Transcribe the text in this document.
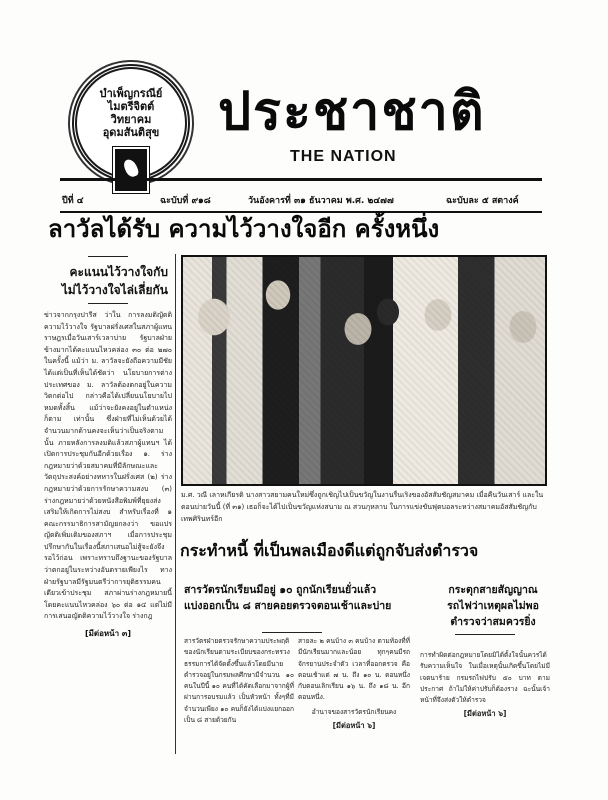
บำเพ็ญกรณีย์
ไมตรีจิตต์
วิทยาคม
อุดมสันติสุข	ประชาชาติ
THE NATION
ปีที่ ๔	ฉะบับที่ ๙๑๘	วันอังคารที่ ๓๑ ธันวาคม พ.ศ. ๒๔๗๗	ฉะบับละ ๕ สตางค์
ลาวัลได้รับ ความไว้วางใจอีก ครั้งหนึ่ง
คะแนนไว้วางใจกับ
ไม่ไว้วางใจไล่เลี่ยกัน
ข่าวจากกรุงปารีส ว่าใน การลงมติญัตติความไว้วางใจ รัฐบาลฝรั่งเศสในสภาผู้แทนราษฎรเมื่อวันเสาร์เวลาบ่าย รัฐบาลฝ่ายข้างมากได้คะแนนไหวคล่อง ๓๐ ต่อ ๒๗๐ ในครั้งนี้ แม้ว่า ม. ลาวัลจะยังถือความมีชัยได้แต่เป็นที่เห็นได้ชัดว่า นโยบายการต่างประเทศของ ม. ลาวัลต้องตกอยู่ในความวิตกต่อไป กล่าวคือได้เปลี่ยนนโยบายไปหมดทั้งสิ้น แม้ว่าจะยังคงอยู่ในตำแหน่งก็ตาม เท่านั้น ซึ่งฝ่ายที่ไม่เห็นด้วยได้จำนวนมากด้านคงจะเห็นว่าเป็นจริงตามนั้น ภายหลังการลงมติแล้วสภาผู้แทนฯ ได้เปิดการประชุมกันอีกด้วยเรื่อง ๑. ร่างกฎหมายว่าด้วยสมาคมที่มีลักษณะและวัตถุประสงค์อย่างทหารในฝรั่งเศส (๒) ร่างกฎหมายว่าด้วยการรักษาความสงบ (๓) ร่างกฎหมายว่าด้วยหนังสือพิมพ์ที่ยุยงส่งเสริมให้เกิดการไม่สงบ สำหรับเรื่องที่ ๑ คณะกรรมาธิการสามัญยกลงว่า ขอแปรญัตติเพิ่มเติมของสภาฯ เมื่อการประชุมปรึกษากันในเรื่องนี้สภาเสนอไม่สู้จะยังจึงรอไว้ก่อน เพราะทราบถึงฐานะของรัฐบาลว่าตกอยู่ในระหว่างอันตรายเพียงไร ทางฝ่ายรัฐบาลมีรัฐมนตรีว่าการยุติธรรมคนเดียวเข้าประชุม สภาผ่านร่างกฎหมายนี้โดยคะแนนไหวคล่อง ๖๐ ต่อ ๑๔ แต่ไม่มีการเสนอญัตติความไว้วางใจ ร่างกฎ
[มีต่อหน้า ๓]
ม.ศ. วณี เลาหเกียรติ นางสาวสยามคนใหม่ซึ่งถูกเชิญไปเป็นขวัญในงานรื่นเริงของอัสสัมชัญสมาคม เมื่อคืนวันเสาร์ และในตอนบ่ายวันนี้ (ที่ ๓๑) เธอก็จะได้ไปเป็นขวัญแห่งสนาม ณ สวนกุหลาบ ในการแข่งขันฟุตบอลระหว่างสมาคมอัสสัมชัญกับเทพศิรินทร์อีก
กระทำหนี้ ที่เป็นพลเมืองดีแต่ถูกจับส่งตำรวจ
สารวัตรนักเรียนมีอยู่ ๑๐ ถูกนักเรียนยั่วแล้ว
แบ่งออกเป็น ๘ สายคอยตรวจตอนเช้าและบ่าย
กระตุกสายสัญญาณ
รถไฟว่าเหตุผลไม่พอ
ตำรวจว่าสมควรยิ่ง
สารวัตรฝ่ายตรวจรักษาความประพฤติของนักเรียนตามระเบียบของกระทรวงธรรมการได้จัดตั้งขึ้นแล้วโดยมีนายตำรวจอยู่ในกรมพลศึกษามีจำนวน ๑๐ คนในปีนี้ ๑๐ คนที่ได้คัดเลือกมาจากผู้ที่ผ่านการอบรมแล้ว เป็นหัวหน้า ทั้งๆที่มีจำนวนเพียง ๑๐ คนก็ยังได้แบ่งแยกออกเป็น ๘ สายด้วยกัน
สายละ ๒ คนบ้าง ๓ คนบ้าง ตามท้องที่ที่มีนักเรียนมากและน้อย ทุกๆคนมีรถจักรยานประจำตัว เวลาที่ออกตรวจ คือตอนเช้าแต่ ๗ น. ถึง ๑๐ น. ตอนหนึ่ง กับตอนเลิกเรียน ๑๖ น. ถึง ๑๘ น. อีกตอนหนึ่ง.
อำนาจของสารวัตรนักเรียนคง
[มีต่อหน้า ๖]
การทำผิดต่อกฎหมายโดยมิได้ตั้งใจนั้นควรได้รับความเห็นใจ ในเมื่อเหตุนั้นเกิดขึ้นโดยไม่มีเจตนาร้าย กรมรถไฟปรับ ๕๐ บาท ตามประกาศ ถ้าไม่ให้ค่าปรับก็ต้องราง ฉะนั้นเจ้าหน้าที่จึงส่งตัวให้ตำรวจ
[มีต่อหน้า ๖]
